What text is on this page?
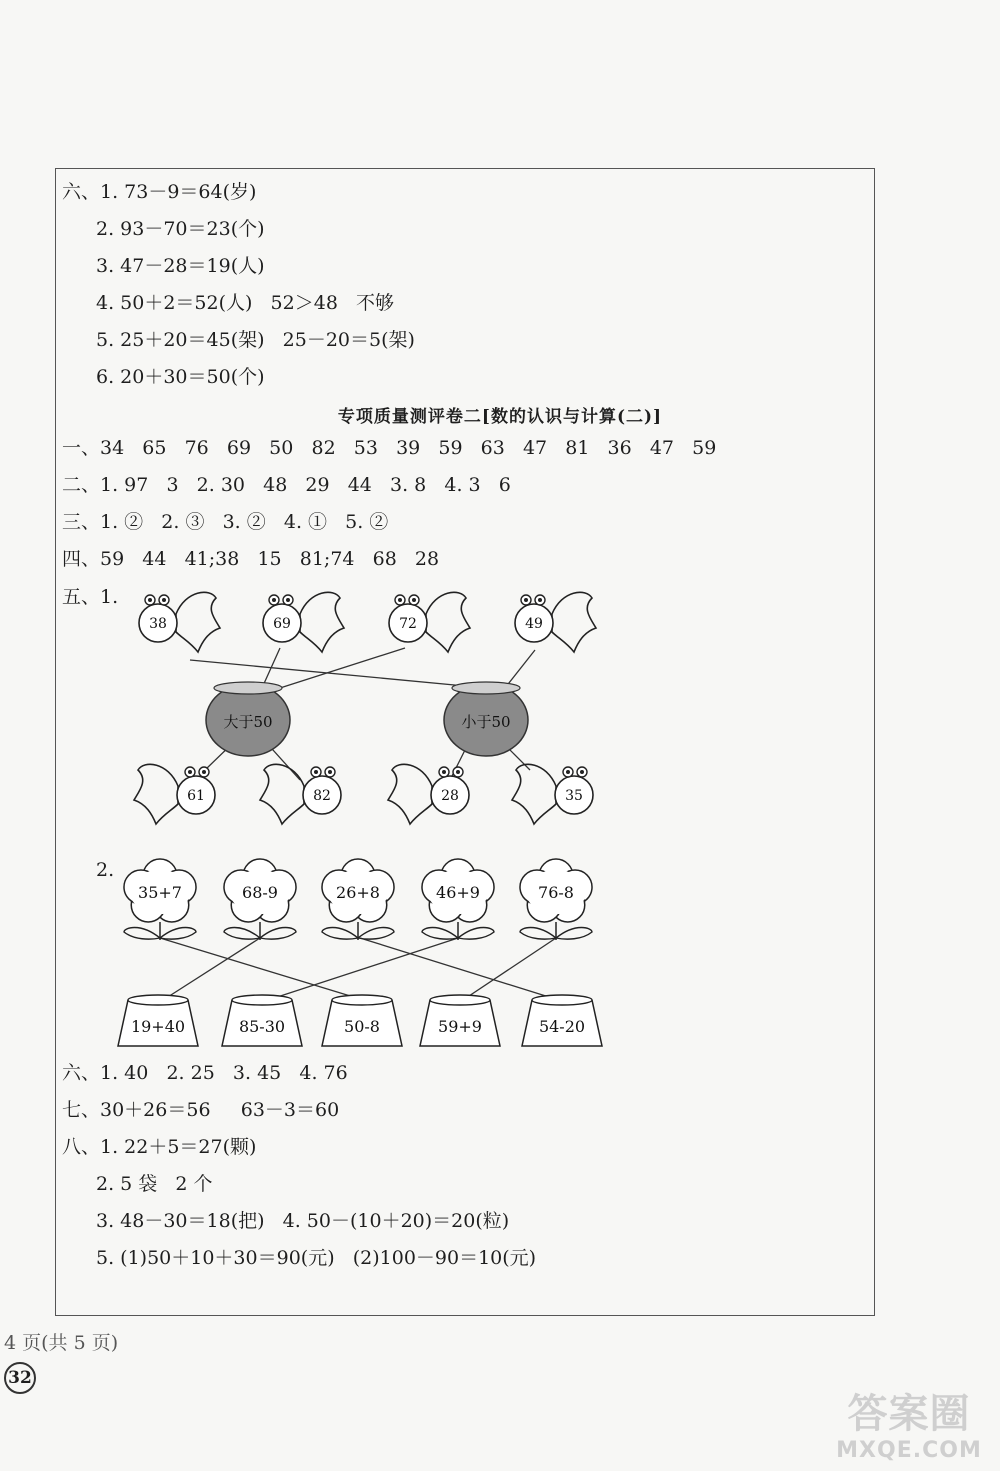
六、1. 73－9＝64(岁)
2. 93－70＝23(个)
3. 47－28＝19(人)
4. 50＋2＝52(人)   52＞48   不够
5. 25＋20＝45(架)   25－20＝5(架)
6. 20＋30＝50(个)
专项质量测评卷二[数的认识与计算(二)]
一、34   65   76   69   50   82   53   39   59   63   47   81   36   47   59
二、1. 97   3   2. 30   48   29   44   3. 8   4. 3   6
三、1. ②   2. ③   3. ②   4. ①   5. ②
四、59   44   41;38   15   81;74   68   28
五、1.
大于50	小于50
38	69	72	49
61	82	28	35
2.
35+7	68-9	26+8	46+9	76-8
19+40	85-30	50-8	59+9	54-20
六、1. 40   2. 25   3. 45   4. 76
七、30＋26＝56     63－3＝60
八、1. 22＋5＝27(颗)
2. 5 袋   2 个
3. 48－30＝18(把)   4. 50－(10＋20)＝20(粒)
5. (1)50＋10＋30＝90(元)   (2)100－90＝10(元)
4 页(共 5 页)
32
答案圈
MXQE.COM
